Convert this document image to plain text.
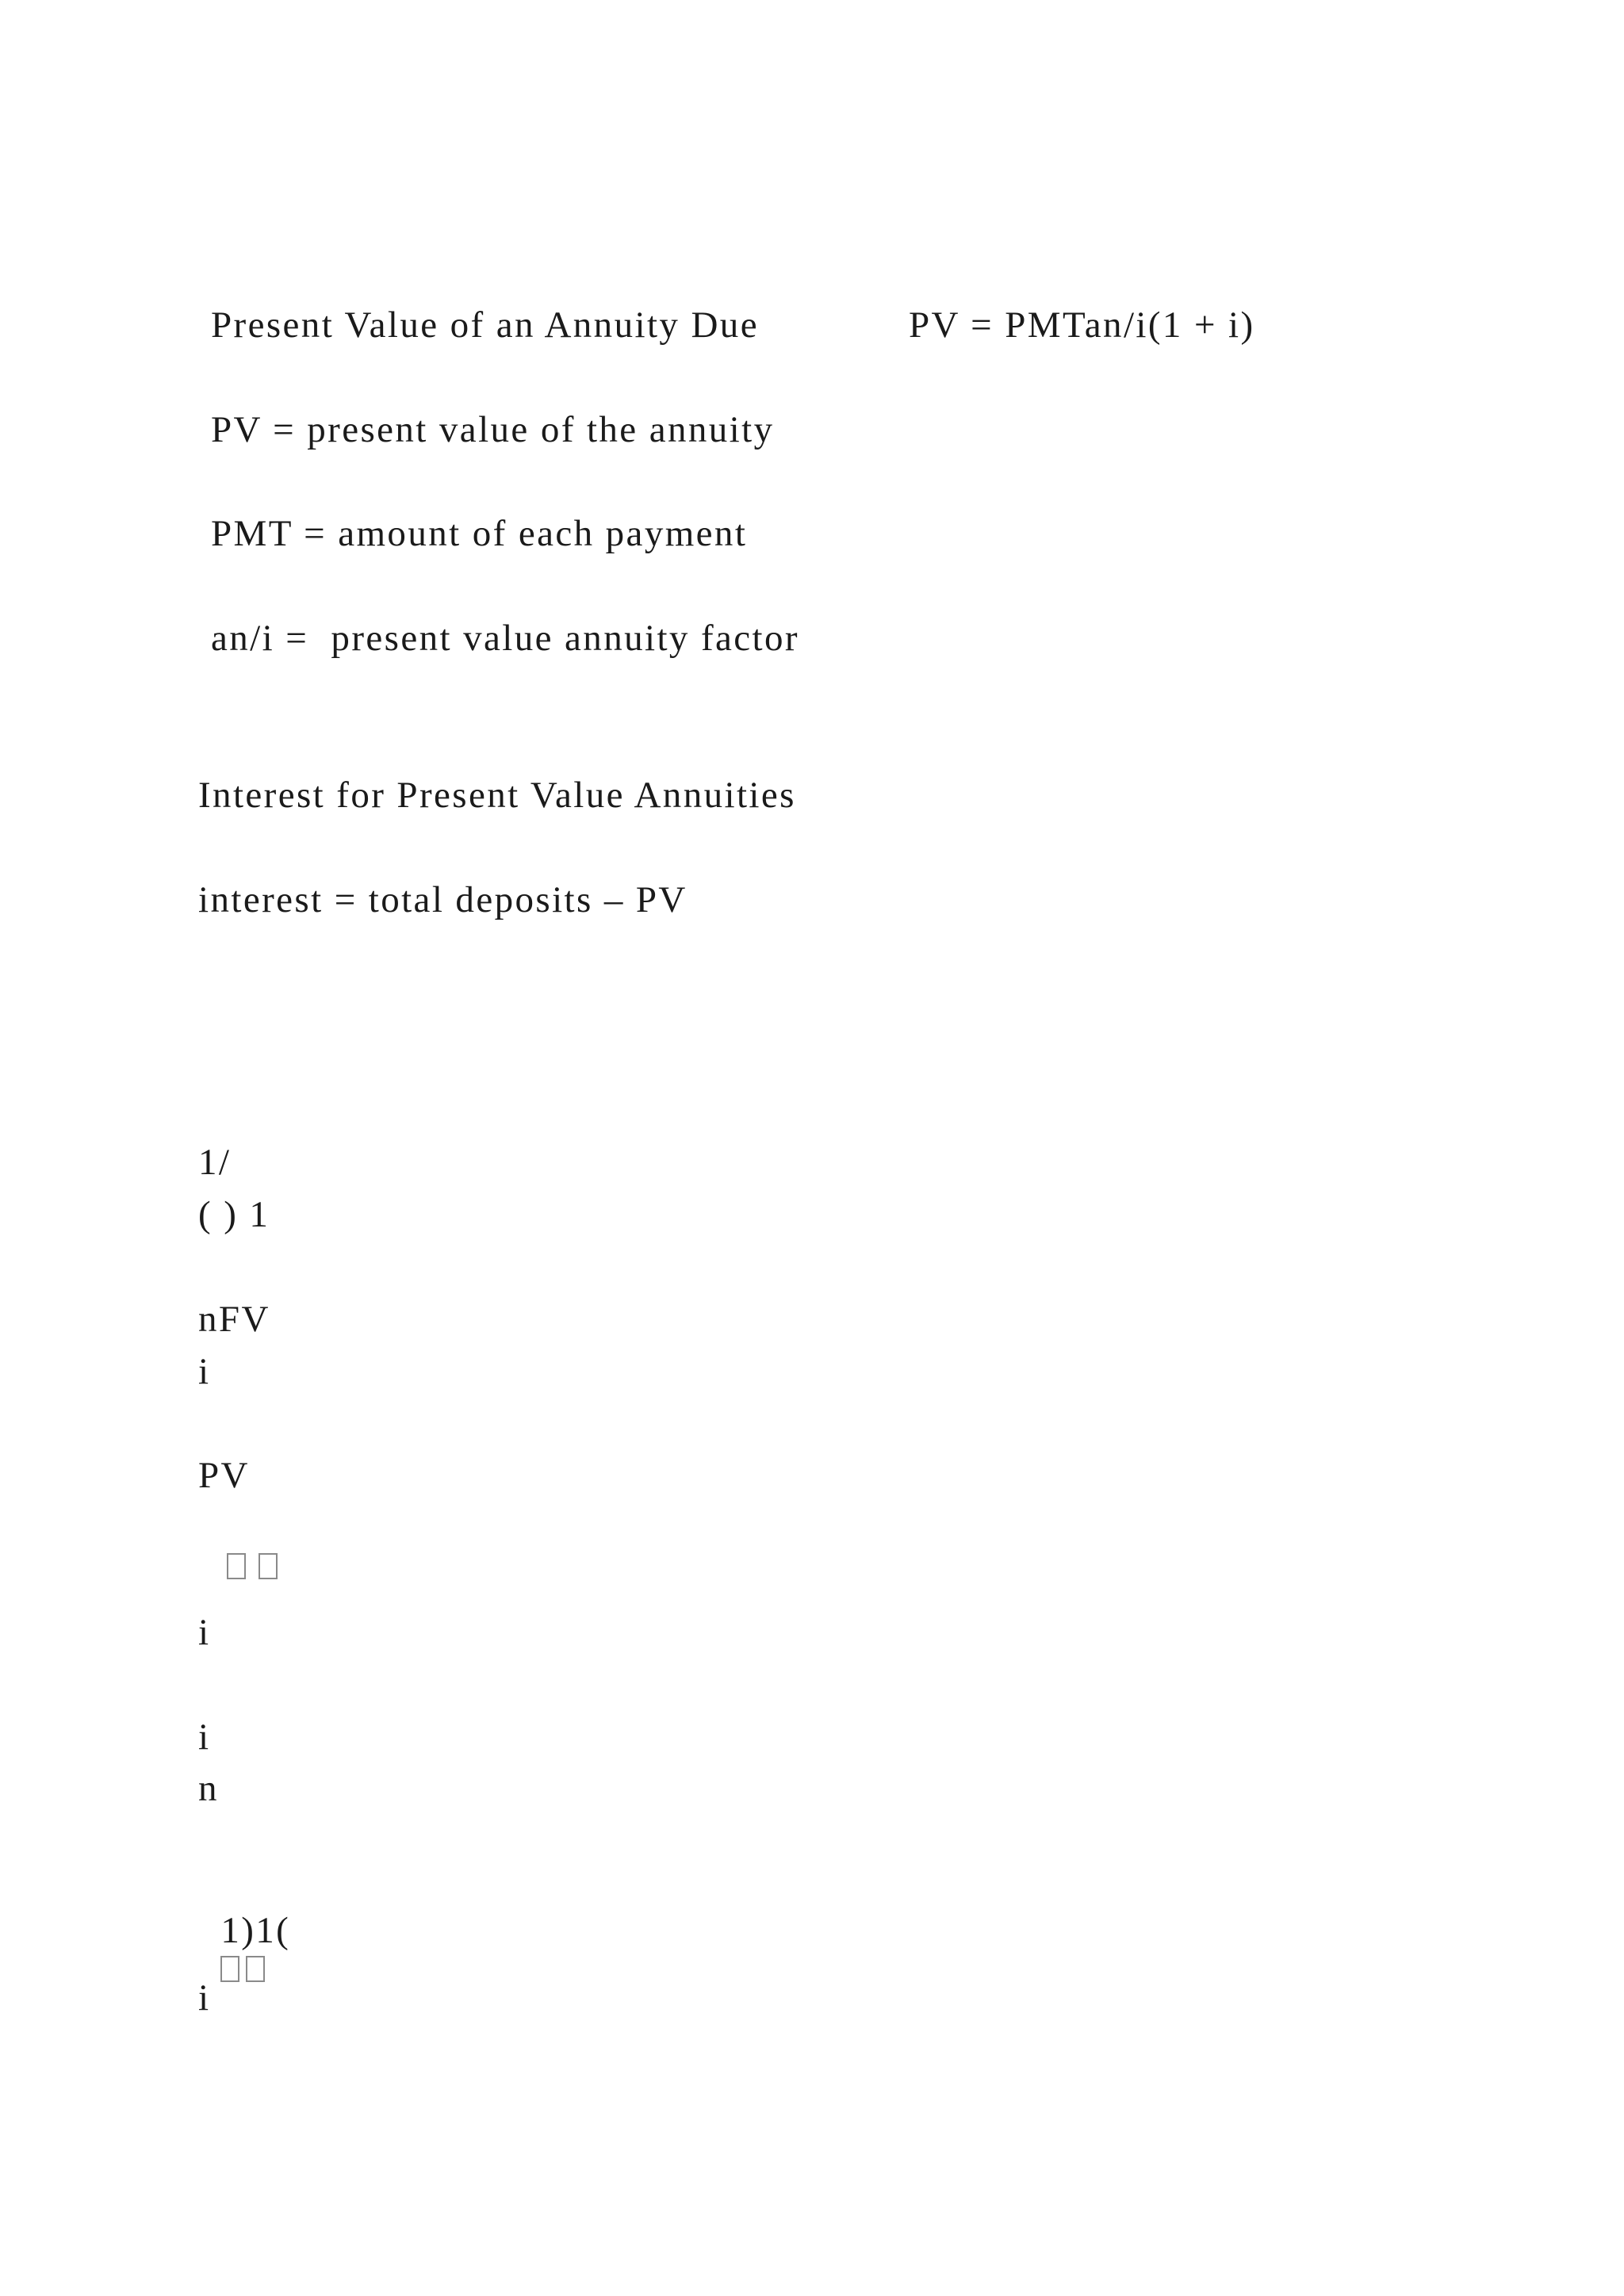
Present Value of an Annuity Due	PV = PMTan/i(1 + i)
PV = present value of the annuity
PMT = amount of each payment
an/i =  present value annuity factor
Interest for Present Value Annuities
interest = total deposits – PV
1/
( ) 1
nFV
i
PV

i
i
n

1)1(

i
